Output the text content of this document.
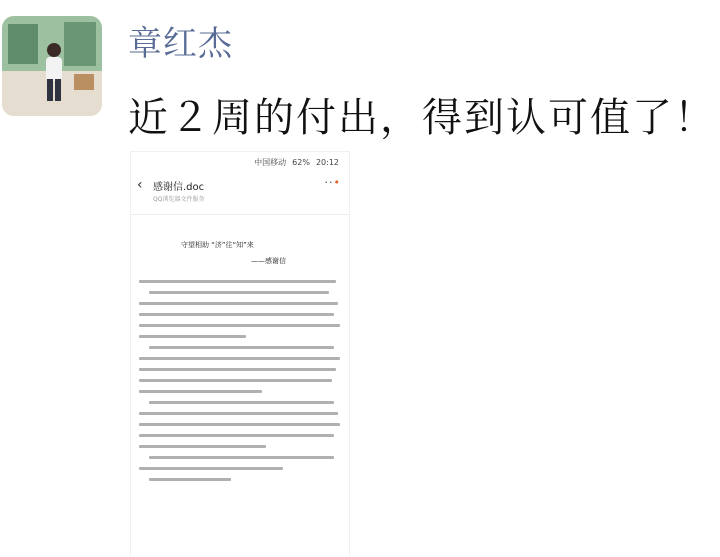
章红杰
近２周的付出，得到认可值了！
中国移动 62% 20:12
‹ 感谢信.doc
QQ浏览器文件服务
··•
守望相助 “济”往“知”来
——感谢信
